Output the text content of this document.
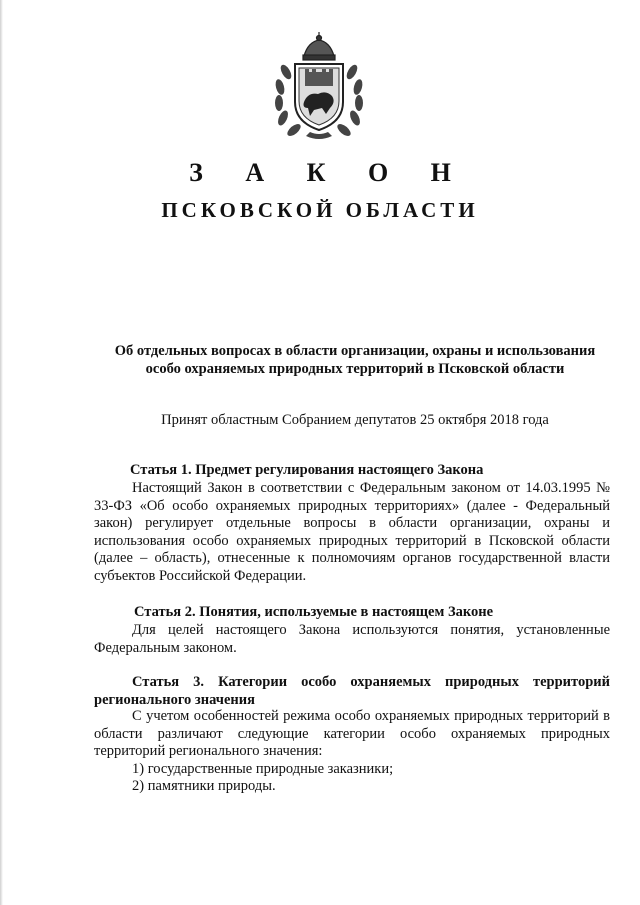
З А К О Н
ПСКОВСКОЙ ОБЛАСТИ

Об отдельных вопросах в области организации, охраны и использования

особо охраняемых природных территорий в Псковской области

Принят областным Собранием депутатов 25 октября 2018 года
Статья 1. Предмет регулирования настоящего Закона
Настоящий Закон в соответствии с Федеральным законом от 14.03.1995 № 33-ФЗ «Об особо охраняемых природных территориях» (далее - Федеральный закон) регулирует отдельные вопросы в области организации, охраны и использования особо охраняемых природных территорий в Псковской области (далее – область), отнесенные к полномочиям органов государственной власти субъектов Российской Федерации.
Статья 2. Понятия, используемые в настоящем Законе
Для целей настоящего Закона используются понятия, установленные Федеральным законом.
Статья 3. Категории особо охраняемых природных территорий регионального значения

С учетом особенностей режима особо охраняемых природных территорий в области различают следующие категории особо охраняемых природных территорий регионального значения:

1) государственные природные заказники;

2) памятники природы.
